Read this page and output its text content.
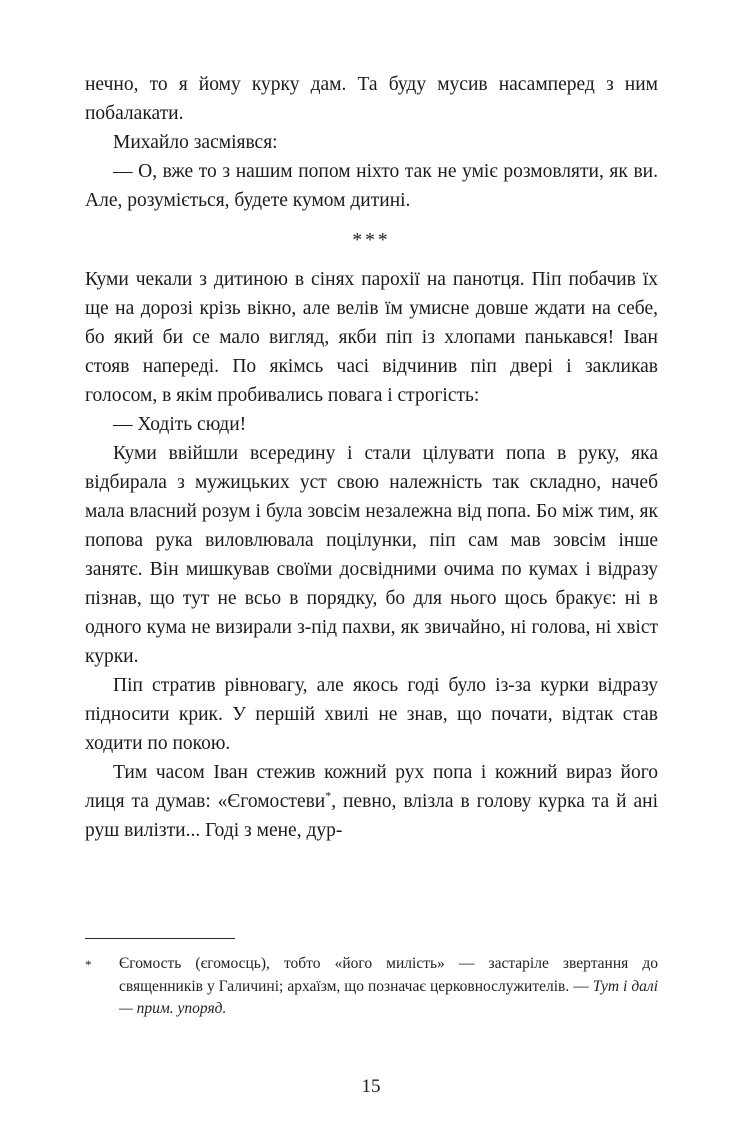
нечно, то я йому курку дам. Та буду мусив насамперед з ним побалакати.

Михайло засміявся:

— О, вже то з нашим попом ніхто так не уміє розмовляти, як ви. Але, розуміється, будете кумом дитині.

***

Куми чекали з дитиною в сінях парохії на панотця. Піп побачив їх ще на дорозі крізь вікно, але велів їм умисне довше ждати на себе, бо який би се мало вигляд, якби піп із хлопами панькався! Іван стояв напереді. По якімсь часі відчинив піп двері і закликав голосом, в якім пробивались повага і строгість:

— Ходіть сюди!

Куми ввійшли всередину і стали цілувати попа в руку, яка відбирала з мужицьких уст свою належність так складно, начеб мала власний розум і була зовсім незалежна від попа. Бо між тим, як попова рука виловлювала поцілунки, піп сам мав зовсім інше занятє. Він мишкував своїми досвідними очима по кумах і відразу пізнав, що тут не всьо в порядку, бо для нього щось бракує: ні в одного кума не визирали з-під пахви, як звичайно, ні голова, ні хвіст курки.

Піп стратив рівновагу, але якось годі було із-за курки відразу підносити крик. У першій хвилі не знав, що почати, відтак став ходити по покою.

Тим часом Іван стежив кожний рух попа і кожний вираз його лиця та думав: «Єгомостеви*, певно, влізла в голову курка та й ані руш вилізти... Годі з мене, дур-

*	Єгомость (єгомосць), тобто «його милість» — застаріле звертання до священників у Галичині; архаїзм, що позначає церковнослужителів. — Тут і далі — прим. упоряд.
15
